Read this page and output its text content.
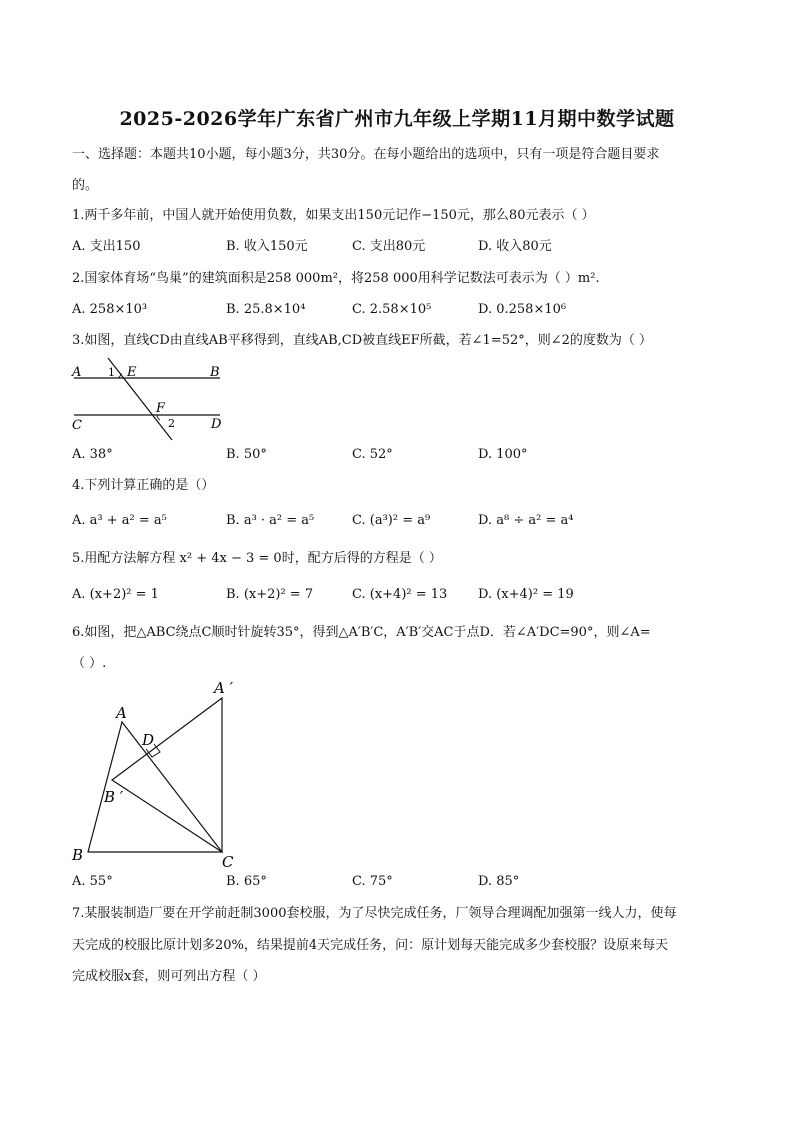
2025-2026学年广东省广州市九年级上学期11月期中数学试题
一、选择题：本题共10小题，每小题3分，共30分。在每小题给出的选项中，只有一项是符合题目要求
的。
1.两千多年前，中国人就开始使用负数，如果支出150元记作−150元，那么80元表示（ ）
A. 支出150	B. 收入150元	C. 支出80元	D. 收入80元
2.国家体育场“鸟巢”的建筑面积是258 000m²，将258 000用科学记数法可表示为（ ）m².
A. 258×10³	B. 25.8×10⁴	C. 2.58×10⁵	D. 0.258×10⁶
3.如图，直线CD由直线AB平移得到，直线AB,CD被直线EF所截，若∠1=52°，则∠2的度数为（ ）
A 1 E	B
F
C	2	D
A. 38°	B. 50°	C. 52°	D. 100°
4.下列计算正确的是（）
A. a³ + a² = a⁵	B. a³ · a² = a⁵	C. (a³)² = a⁹	D. a⁸ ÷ a² = a⁴
5.用配方法解方程 x² + 4x − 3 = 0时，配方后得的方程是（ ）
A. (x+2)² = 1	B. (x+2)² = 7	C. (x+4)² = 13 D. (x+4)² = 19
6.如图，把△ABC绕点C顺时针旋转35°，得到△A′B′C，A′B′交AC于点D．若∠A′DC=90°，则∠A=
（ ）.
A
A ′
D
B ′
B	C
A. 55°	B. 65°	C. 75°	D. 85°
7.某服装制造厂要在开学前赶制3000套校服，为了尽快完成任务，厂领导合理调配加强第一线人力，使每
天完成的校服比原计划多20%，结果提前4天完成任务，问：原计划每天能完成多少套校服？设原来每天
完成校服x套，则可列出方程（ ）
